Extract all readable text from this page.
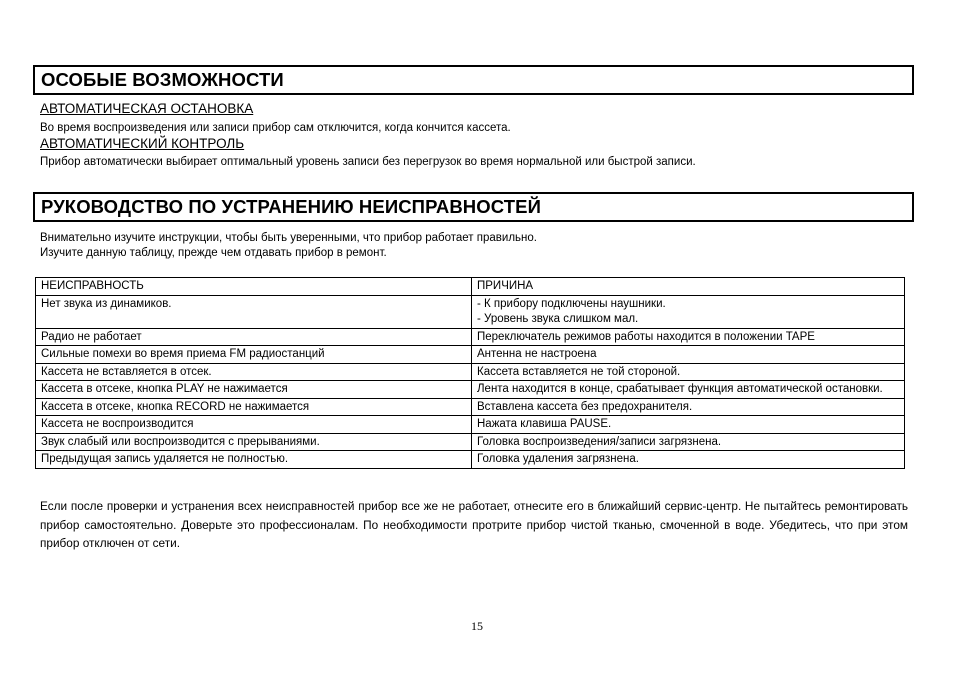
ОСОБЫЕ ВОЗМОЖНОСТИ
АВТОМАТИЧЕСКАЯ ОСТАНОВКА
Во время воспроизведения или записи прибор сам отключится, когда кончится кассета.
АВТОМАТИЧЕСКИЙ КОНТРОЛЬ
Прибор автоматически выбирает оптимальный уровень записи без перегрузок во время нормальной или быстрой записи.
РУКОВОДСТВО ПО УСТРАНЕНИЮ НЕИСПРАВНОСТЕЙ
Внимательно изучите инструкции, чтобы быть уверенными, что прибор работает правильно.
Изучите данную таблицу, прежде чем отдавать прибор в ремонт.
НЕИСПРАВНОСТЬ	ПРИЧИНА
Нет звука из динамиков.	- К прибору подключены наушники.
- Уровень звука слишком мал.

Радио не работает	Переключатель режимов работы находится в положении TAPE

Сильные помехи во время приема FM радиостанций	Антенна не настроена

Кассета не вставляется в отсек.	Кассета вставляется не той стороной.

Кассета в отсеке, кнопка PLAY не нажимается	Лента находится в конце, срабатывает функция автоматической остановки.

Кассета в отсеке, кнопка RECORD не нажимается	Вставлена кассета без предохранителя.

Кассета не воспроизводится	Нажата клавиша PAUSE.

Звук слабый или воспроизводится с прерываниями.	Головка воспроизведения/записи загрязнена.

Предыдущая запись удаляется не полностью.	Головка удаления загрязнена.
Если после проверки и устранения всех неисправностей прибор все же не работает, отнесите его в ближайший сервис-центр. Не пытайтесь ремонтировать прибор самостоятельно. Доверьте это профессионалам. По необходимости протрите прибор чистой тканью, смоченной в воде. Убедитесь, что при этом прибор отключен от сети.
15
